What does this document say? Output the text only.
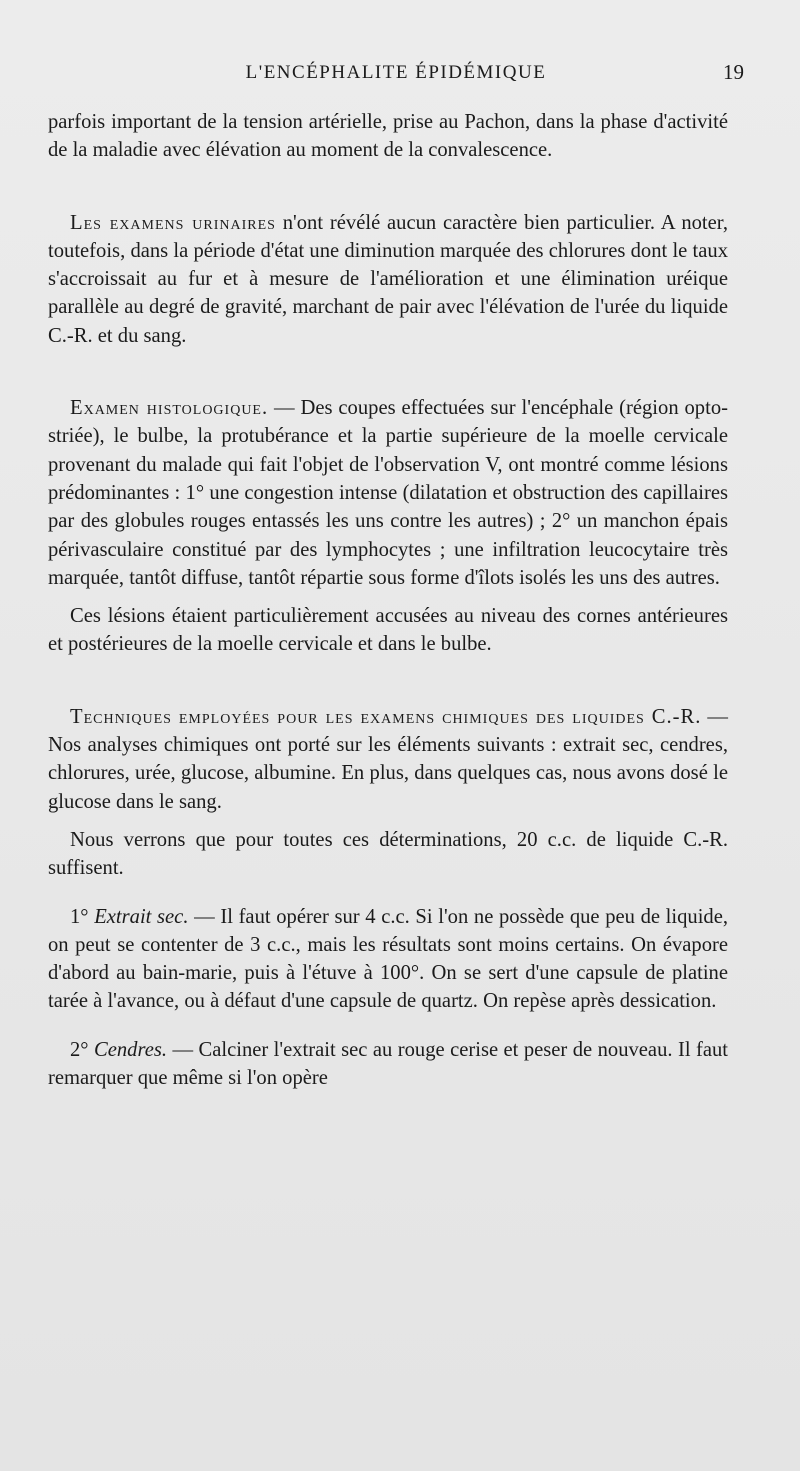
L'ENCÉPHALITE ÉPIDÉMIQUE	19

parfois important de la tension artérielle, prise au Pachon, dans la phase d'activité de la maladie avec élévation au moment de la convalescence.

Les examens urinaires n'ont révélé aucun caractère bien particulier. A noter, toutefois, dans la période d'état une diminution marquée des chlorures dont le taux s'accroissait au fur et à mesure de l'amélioration et une élimination uréique parallèle au degré de gravité, marchant de pair avec l'élévation de l'urée du liquide C.-R. et du sang.

Examen histologique. — Des coupes effectuées sur l'encéphale (région opto-striée), le bulbe, la protubérance et la partie supérieure de la moelle cervicale provenant du malade qui fait l'objet de l'observation V, ont montré comme lésions prédominantes : 1° une congestion intense (dilatation et obstruction des capillaires par des globules rouges entassés les uns contre les autres) ; 2° un manchon épais périvasculaire constitué par des lymphocytes ; une infiltration leucocytaire très marquée, tantôt diffuse, tantôt répartie sous forme d'îlots isolés les uns des autres.

Ces lésions étaient particulièrement accusées au niveau des cornes antérieures et postérieures de la moelle cervicale et dans le bulbe.

Techniques employées pour les examens chimiques des liquides C.-R. — Nos analyses chimiques ont porté sur les éléments suivants : extrait sec, cendres, chlorures, urée, glucose, albumine. En plus, dans quelques cas, nous avons dosé le glucose dans le sang.

Nous verrons que pour toutes ces déterminations, 20 c.c. de liquide C.-R. suffisent.

1° Extrait sec. — Il faut opérer sur 4 c.c. Si l'on ne possède que peu de liquide, on peut se contenter de 3 c.c., mais les résultats sont moins certains. On évapore d'abord au bain-marie, puis à l'étuve à 100°. On se sert d'une capsule de platine tarée à l'avance, ou à défaut d'une capsule de quartz. On repèse après dessication.

2° Cendres. — Calciner l'extrait sec au rouge cerise et peser de nouveau. Il faut remarquer que même si l'on opère
